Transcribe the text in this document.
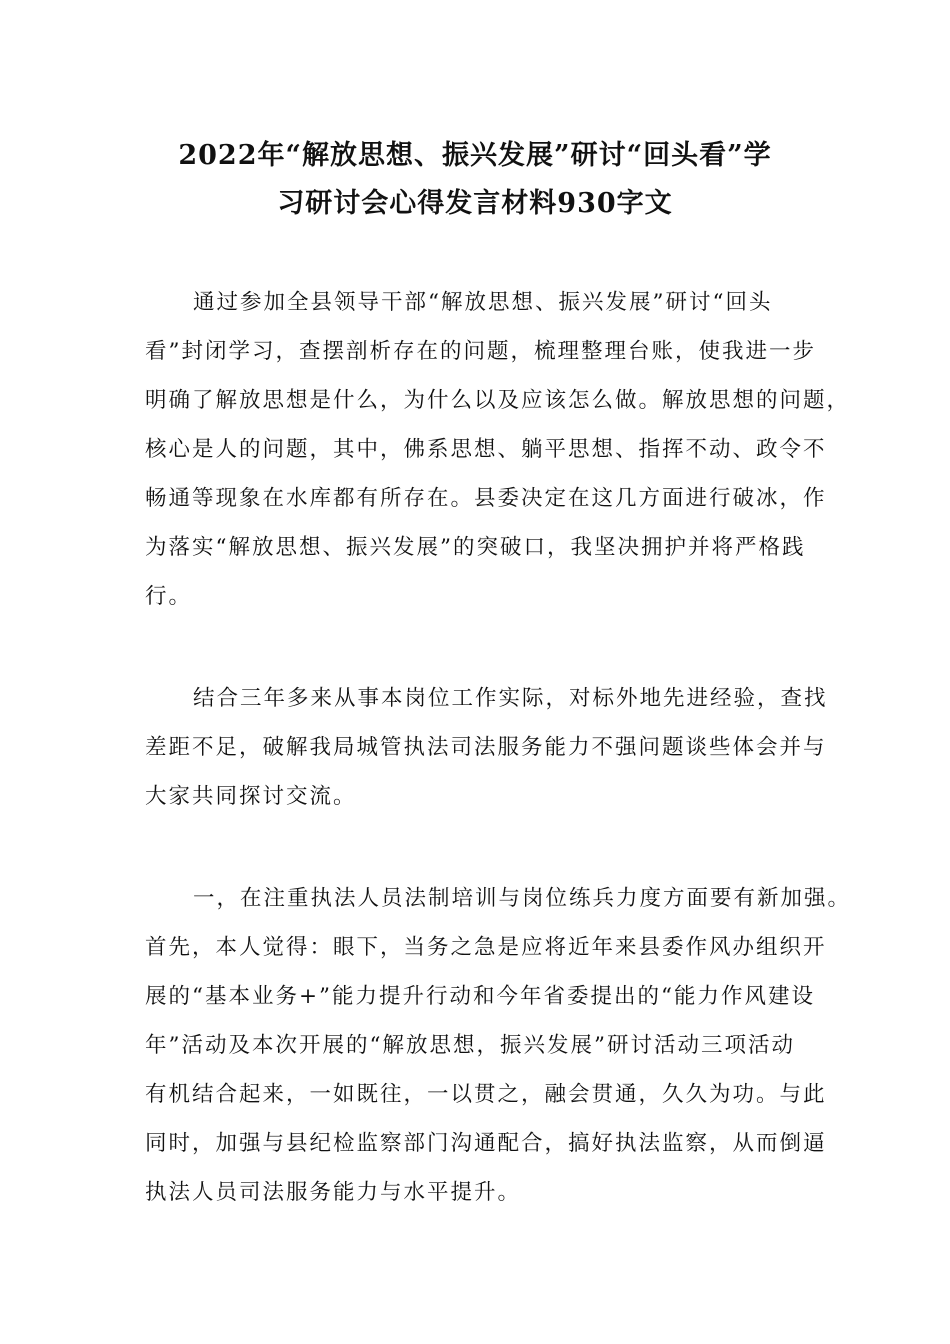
2022年“解放思想、振兴发展”研讨“回头看”学
习研讨会心得发言材料930字文
通过参加全县领导干部“解放思想、振兴发展”研讨“回头
看”封闭学习，查摆剖析存在的问题，梳理整理台账，使我进一步
明确了解放思想是什么，为什么以及应该怎么做。解放思想的问题，
核心是人的问题，其中，佛系思想、躺平思想、指挥不动、政令不
畅通等现象在水库都有所存在。县委决定在这几方面进行破冰，作
为落实“解放思想、振兴发展”的突破口，我坚决拥护并将严格践
行。
结合三年多来从事本岗位工作实际，对标外地先进经验，查找
差距不足，破解我局城管执法司法服务能力不强问题谈些体会并与
大家共同探讨交流。
一，在注重执法人员法制培训与岗位练兵力度方面要有新加强。
首先，本人觉得：眼下，当务之急是应将近年来县委作风办组织开
展的“基本业务+”能力提升行动和今年省委提出的“能力作风建设
年”活动及本次开展的“解放思想，振兴发展”研讨活动三项活动
有机结合起来，一如既往，一以贯之，融会贯通，久久为功。与此
同时，加强与县纪检监察部门沟通配合，搞好执法监察，从而倒逼
执法人员司法服务能力与水平提升。
